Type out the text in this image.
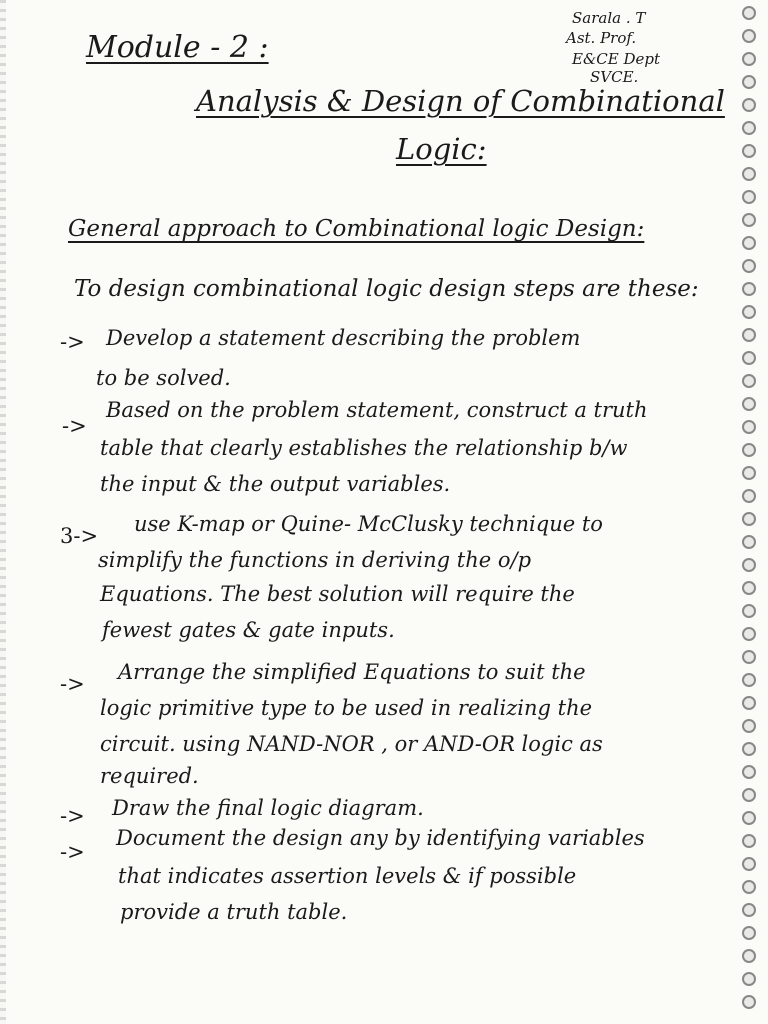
Sarala . T
Ast. Prof.
E&CE Dept
SVCE.
Module - 2 :
Analysis & Design of Combinational
Logic:
General approach to Combinational logic Design:
To design combinational logic design steps are these:
-> Develop a statement describing the problem
to be solved.
->
Based on the problem statement, construct a truth
table that clearly establishes the relationship b/w
the input & the output variables.
3-> use K-map or Quine- McClusky technique to
simplify the functions in deriving the o/p
Equations. The best solution will require the
fewest gates & gate inputs.
-> Arrange the simplified Equations to suit the
logic primitive type to be used in realizing the
circuit. using NAND-NOR , or AND-OR logic as
required.
-> Draw the final logic diagram.
->
Document the design any by identifying variables
that indicates assertion levels & if possible
provide a truth table.
